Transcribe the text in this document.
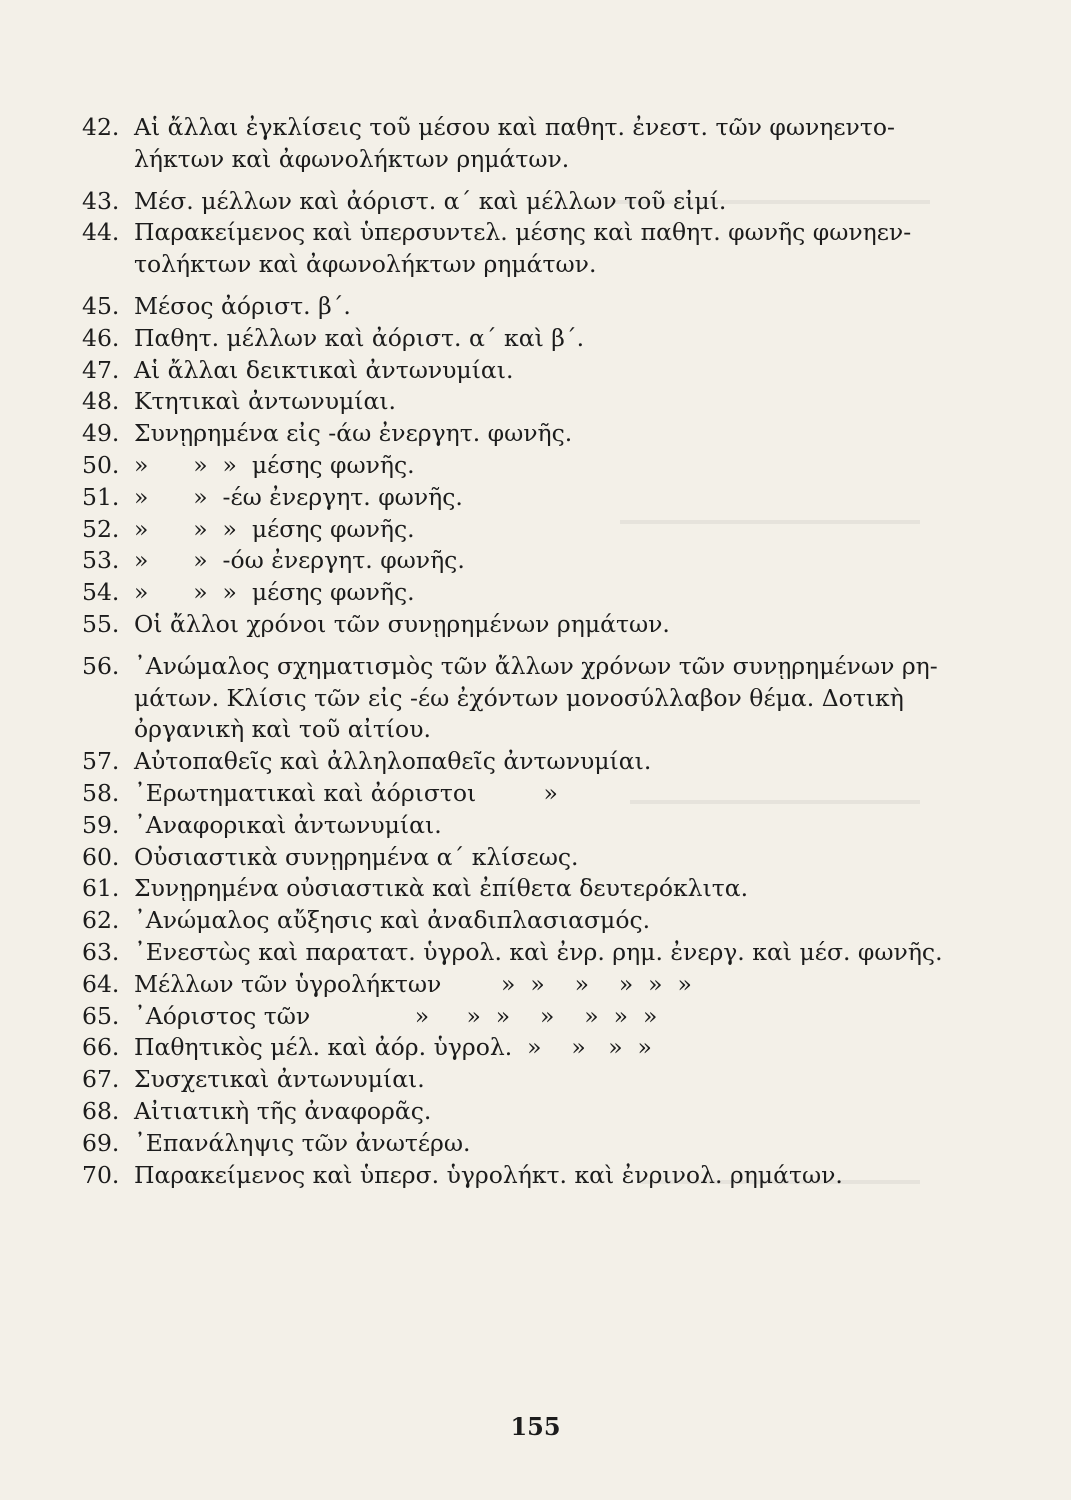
42. Αἱ ἄλλαι ἐγκλίσεις τοῦ μέσου καὶ παθητ. ἐνεστ. τῶν φωνηεντο-
λήκτων καὶ ἀφωνολήκτων ρημάτων.
43. Μέσ. μέλλων καὶ ἀόριστ. α΄ καὶ μέλλων τοῦ εἰμί.
44. Παρακείμενος καὶ ὑπερσυντελ. μέσης καὶ παθητ. φωνῆς φωνηεν-
τολήκτων καὶ ἀφωνολήκτων ρημάτων.
45. Μέσος ἀόριστ. β΄.
46. Παθητ. μέλλων καὶ ἀόριστ. α΄ καὶ β΄.
47. Αἱ ἄλλαι δεικτικαὶ ἀντωνυμίαι.
48. Κτητικαὶ ἀντωνυμίαι.
49. Συνῃρημένα εἰς -άω ἐνεργητ. φωνῆς.
50. »      »  »  μέσης φωνῆς.
51. »      »  -έω ἐνεργητ. φωνῆς.
52. »      »  »  μέσης φωνῆς.
53. »      »  -όω ἐνεργητ. φωνῆς.
54. »      »  »  μέσης φωνῆς.
55. Οἱ ἄλλοι χρόνοι τῶν συνῃρημένων ρημάτων.
56. ᾿Ανώμαλος σχηματισμὸς τῶν ἄλλων χρόνων τῶν συνῃρημένων ρη-
μάτων. Κλίσις τῶν εἰς -έω ἐχόντων μονοσύλλαβον θέμα. Δοτικὴ
ὀργανικὴ καὶ τοῦ αἰτίου.
57. Αὐτοπαθεῖς καὶ ἀλληλοπαθεῖς ἀντωνυμίαι.
58. ᾿Ερωτηματικαὶ καὶ ἀόριστοι         »
59. ᾿Αναφορικαὶ ἀντωνυμίαι.
60. Οὐσιαστικὰ συνῃρημένα α΄ κλίσεως.
61. Συνῃρημένα οὐσιαστικὰ καὶ ἐπίθετα δευτερόκλιτα.
62. ᾿Ανώμαλος αὔξησις καὶ ἀναδιπλασιασμός.
63. ᾿Ενεστὼς καὶ παρατατ. ὑγρολ. καὶ ἐνρ. ρημ. ἐνεργ. καὶ μέσ. φωνῆς.
64. Μέλλων τῶν ὑγρολήκτων        »  »    »    »  »  »
65. ᾿Αόριστος τῶν              »     »  »    »    »  »  »
66. Παθητικὸς μέλ. καὶ ἀόρ. ὑγρολ.  »    »   »  »
67. Συσχετικαὶ ἀντωνυμίαι.
68. Αἰτιατικὴ τῆς ἀναφορᾶς.
69. ᾿Επανάληψις τῶν ἀνωτέρω.
70. Παρακείμενος καὶ ὑπερσ. ὑγρολήκτ. καὶ ἐνρινολ. ρημάτων.
155
